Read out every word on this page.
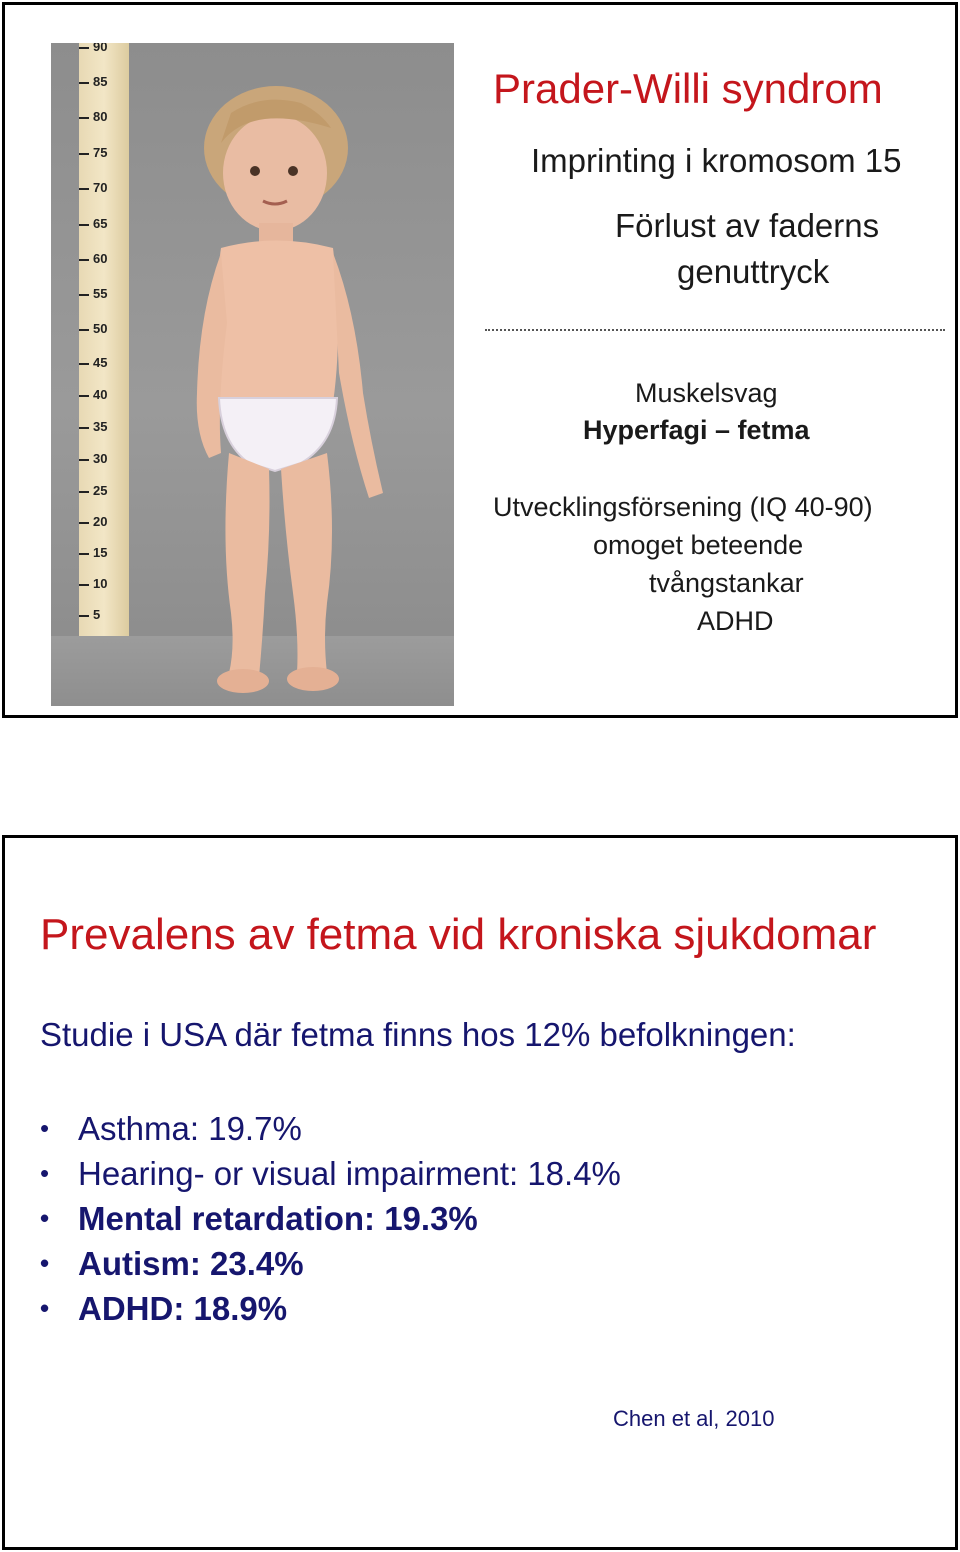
90
85
80
75
70
65
60
55
50
45
40
35
30
25
20
15
10
5
Prader-Willi syndrom
Imprinting i kromosom 15
Förlust av faderns
genuttryck
Muskelsvag
Hyperfagi – fetma
Utvecklingsförsening (IQ 40-90)
omoget beteende
tvångstankar
ADHD
Prevalens av fetma vid kroniska sjukdomar
Studie i USA där fetma finns hos 12% befolkningen:
• Asthma: 19.7%
• Hearing- or visual impairment: 18.4%
• Mental retardation: 19.3%
• Autism: 23.4%
• ADHD: 18.9%
Chen et al, 2010
